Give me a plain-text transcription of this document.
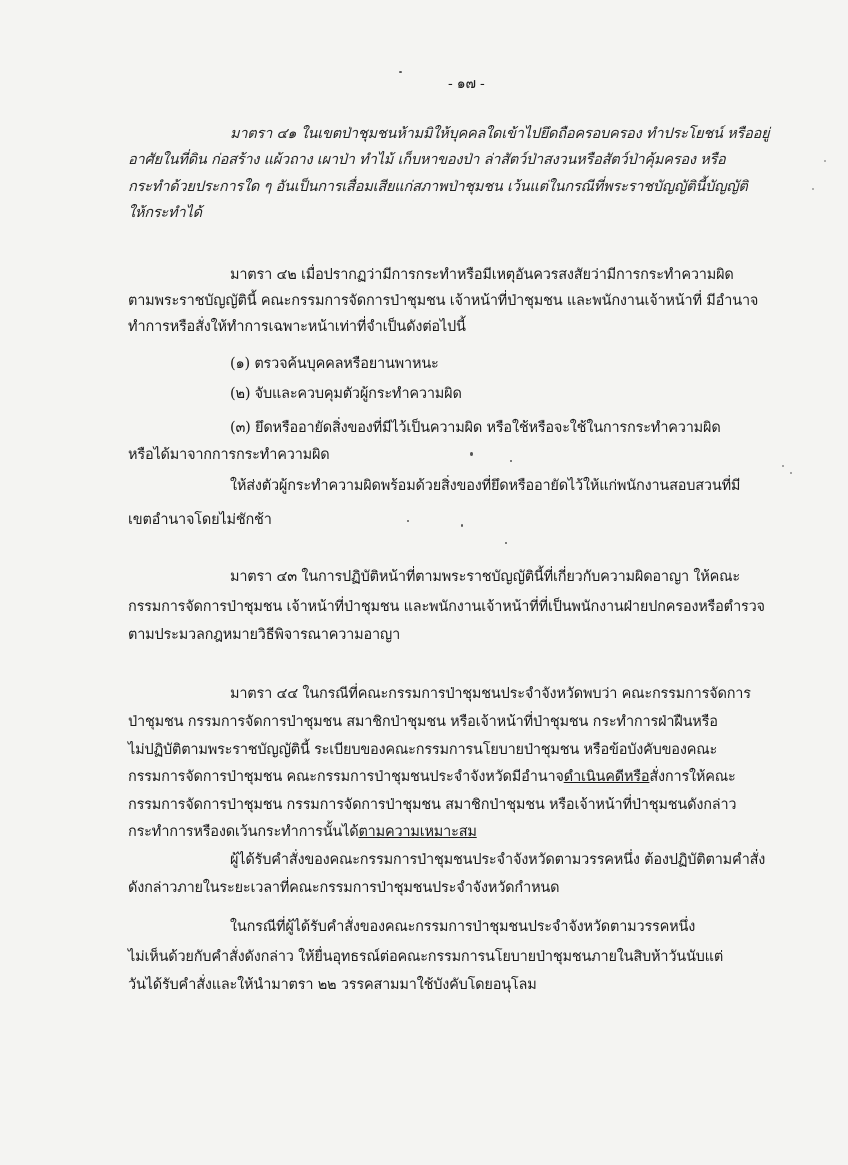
- ๑๗ -
มาตรา ๔๑ ในเขตป่าชุมชนห้ามมิให้บุคคลใดเข้าไปยึดถือครอบครอง ทำประโยชน์ หรืออยู่
อาศัยในที่ดิน ก่อสร้าง แผ้วถาง เผาป่า ทำไม้ เก็บหาของป่า ล่าสัตว์ป่าสงวนหรือสัตว์ป่าคุ้มครอง หรือ
กระทำด้วยประการใด ๆ อันเป็นการเสื่อมเสียแก่สภาพป่าชุมชน เว้นแต่ในกรณีที่พระราชบัญญัตินี้บัญญัติ
ให้กระทำได้
มาตรา ๔๒ เมื่อปรากฏว่ามีการกระทำหรือมีเหตุอันควรสงสัยว่ามีการกระทำความผิด
ตามพระราชบัญญัตินี้ คณะกรรมการจัดการป่าชุมชน เจ้าหน้าที่ป่าชุมชน และพนักงานเจ้าหน้าที่ มีอำนาจ
ทำการหรือสั่งให้ทำการเฉพาะหน้าเท่าที่จำเป็นดังต่อไปนี้
(๑) ตรวจค้นบุคคลหรือยานพาหนะ
(๒) จับและควบคุมตัวผู้กระทำความผิด
(๓) ยึดหรืออายัดสิ่งของที่มีไว้เป็นความผิด หรือใช้หรือจะใช้ในการกระทำความผิด
หรือได้มาจากการกระทำความผิด
ให้ส่งตัวผู้กระทำความผิดพร้อมด้วยสิ่งของที่ยึดหรืออายัดไว้ให้แก่พนักงานสอบสวนที่มี
เขตอำนาจโดยไม่ชักช้า
มาตรา ๔๓ ในการปฏิบัติหน้าที่ตามพระราชบัญญัตินี้ที่เกี่ยวกับความผิดอาญา ให้คณะ
กรรมการจัดการป่าชุมชน เจ้าหน้าที่ป่าชุมชน และพนักงานเจ้าหน้าที่ที่เป็นพนักงานฝ่ายปกครองหรือตำรวจ
ตามประมวลกฎหมายวิธีพิจารณาความอาญา
มาตรา ๔๔ ในกรณีที่คณะกรรมการป่าชุมชนประจำจังหวัดพบว่า คณะกรรมการจัดการ
ป่าชุมชน กรรมการจัดการป่าชุมชน สมาชิกป่าชุมชน หรือเจ้าหน้าที่ป่าชุมชน กระทำการฝ่าฝืนหรือ
ไม่ปฏิบัติตามพระราชบัญญัตินี้ ระเบียบของคณะกรรมการนโยบายป่าชุมชน หรือข้อบังคับของคณะ
กรรมการจัดการป่าชุมชน คณะกรรมการป่าชุมชนประจำจังหวัดมีอำนาจดำเนินคดีหรือสั่งการให้คณะ
กรรมการจัดการป่าชุมชน กรรมการจัดการป่าชุมชน สมาชิกป่าชุมชน หรือเจ้าหน้าที่ป่าชุมชนดังกล่าว
กระทำการหรืองดเว้นกระทำการนั้นได้ตามความเหมาะสม
ผู้ได้รับคำสั่งของคณะกรรมการป่าชุมชนประจำจังหวัดตามวรรคหนึ่ง ต้องปฏิบัติตามคำสั่ง
ดังกล่าวภายในระยะเวลาที่คณะกรรมการป่าชุมชนประจำจังหวัดกำหนด
ในกรณีที่ผู้ได้รับคำสั่งของคณะกรรมการป่าชุมชนประจำจังหวัดตามวรรคหนึ่ง
ไม่เห็นด้วยกับคำสั่งดังกล่าว ให้ยื่นอุทธรณ์ต่อคณะกรรมการนโยบายป่าชุมชนภายในสิบห้าวันนับแต่
วันได้รับคำสั่งและให้นำมาตรา ๒๒ วรรคสามมาใช้บังคับโดยอนุโลม
